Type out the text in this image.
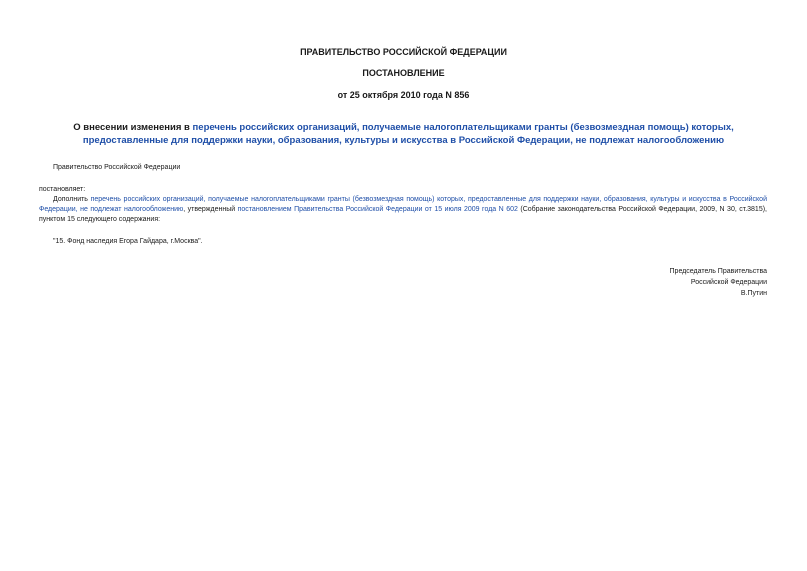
ПРАВИТЕЛЬСТВО РОССИЙСКОЙ ФЕДЕРАЦИИ
ПОСТАНОВЛЕНИЕ
от 25 октября 2010 года N 856
О внесении изменения в перечень российских организаций, получаемые налогоплательщиками гранты (безвозмездная помощь) которых, предоставленные для поддержки науки, образования, культуры и искусства в Российской Федерации, не подлежат налогообложению
Правительство Российской Федерации
постановляет:
Дополнить перечень российских организаций, получаемые налогоплательщиками гранты (безвозмездная помощь) которых, предоставленные для поддержки науки, образования, культуры и искусства в Российской Федерации, не подлежат налогообложению, утвержденный постановлением Правительства Российской Федерации от 15 июля 2009 года N 602 (Собрание законодательства Российской Федерации, 2009, N 30, ст.3815), пунктом 15 следующего содержания:
"15. Фонд наследия Егора Гайдара, г.Москва".
Председатель Правительства
Российской Федерации
В.Путин
